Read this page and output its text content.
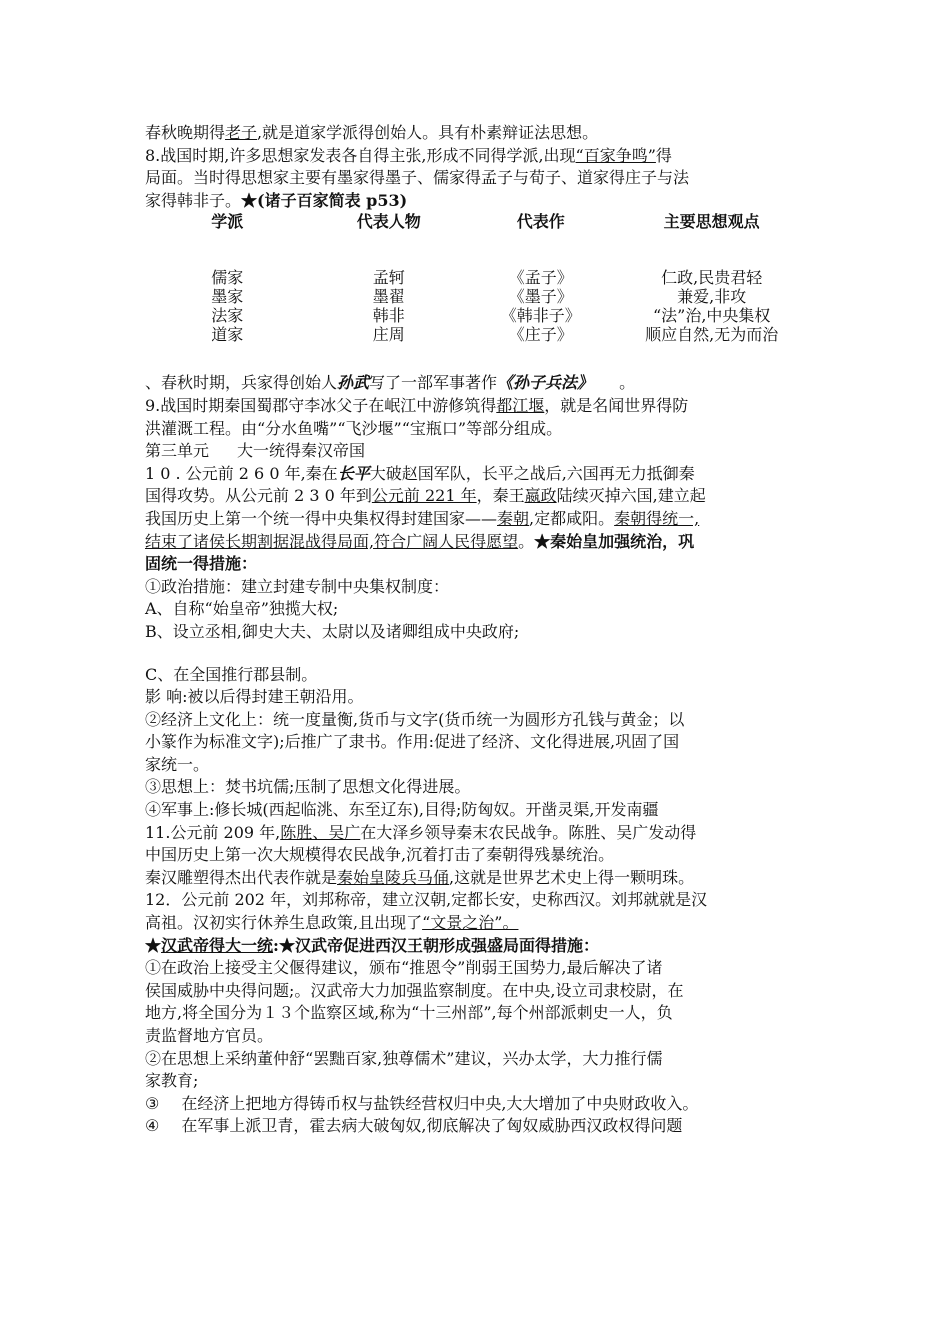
春秋晚期得老子,就是道家学派得创始人。具有朴素辩证法思想。
8.战国时期,许多思想家发表各自得主张,形成不同得学派,出现“百家争鸣”得
局面。当时得思想家主要有墨家得墨子、儒家得孟子与荀子、道家得庄子与法
家得韩非子。★(诸子百家简表 p53)
学派	代表人物	代表作	主要思想观点

儒家	孟轲	《孟子》	仁政,民贵君轻
墨家	墨翟	《墨子》	兼爱,非攻
法家	韩非	《韩非子》	“法”治,中央集权
道家	庄周	《庄子》	顺应自然,无为而治
、春秋时期，兵家得创始人孙武写了一部军事著作《孙子兵法》 。
9.战国时期秦国蜀郡守李冰父子在岷江中游修筑得都江堰，就是名闻世界得防
洪灌溉工程。由“分水鱼嘴”“飞沙堰”“宝瓶口”等部分组成。
第三单元 大一统得秦汉帝国
1 0 . 公元前 2 6 0 年,秦在长平大破赵国军队，长平之战后,六国再无力抵御秦
国得攻势。从公元前 2 3 0 年到公元前 221 年，秦王嬴政陆续灭掉六国,建立起
我国历史上第一个统一得中央集权得封建国家——秦朝,定都咸阳。秦朝得统一,
结束了诸侯长期割据混战得局面,符合广阔人民得愿望。★秦始皇加强统治，巩
固统一得措施：
①政治措施：建立封建专制中央集权制度：
A、自称“始皇帝”独揽大权;
B、设立丞相,御史大夫、太尉以及诸卿组成中央政府;
C、在全国推行郡县制。
影 响:被以后得封建王朝沿用。
②经济上文化上：统一度量衡,货币与文字(货币统一为圆形方孔钱与黄金；以
小篆作为标准文字);后推广了隶书。作用:促进了经济、文化得进展,巩固了国
家统一。
③思想上：焚书坑儒;压制了思想文化得进展。
④军事上:修长城(西起临洮、东至辽东),目得;防匈奴。开凿灵渠,开发南疆
11.公元前 209 年,陈胜、吴广在大泽乡领导秦末农民战争。陈胜、吴广发动得
中国历史上第一次大规模得农民战争,沉着打击了秦朝得残暴统治。
秦汉雕塑得杰出代表作就是秦始皇陵兵马俑,这就是世界艺术史上得一颗明珠。
12．公元前 202 年，刘邦称帝，建立汉朝,定都长安，史称西汉。刘邦就就是汉
高祖。汉初实行休养生息政策,且出现了“文景之治”。
★汉武帝得大一统:★汉武帝促进西汉王朝形成强盛局面得措施：
①在政治上接受主父偃得建议，颁布“推恩令”削弱王国势力,最后解决了诸
侯国威胁中央得问题;。汉武帝大力加强监察制度。在中央,设立司隶校尉，在
地方,将全国分为１３个监察区域,称为“十三州部”,每个州部派刺史一人，负
责监督地方官员。
②在思想上采纳董仲舒“罢黜百家,独尊儒术”建议，兴办太学，大力推行儒
家教育;
③ 在经济上把地方得铸币权与盐铁经营权归中央,大大增加了中央财政收入。
④ 在军事上派卫青，霍去病大破匈奴,彻底解决了匈奴威胁西汉政权得问题
